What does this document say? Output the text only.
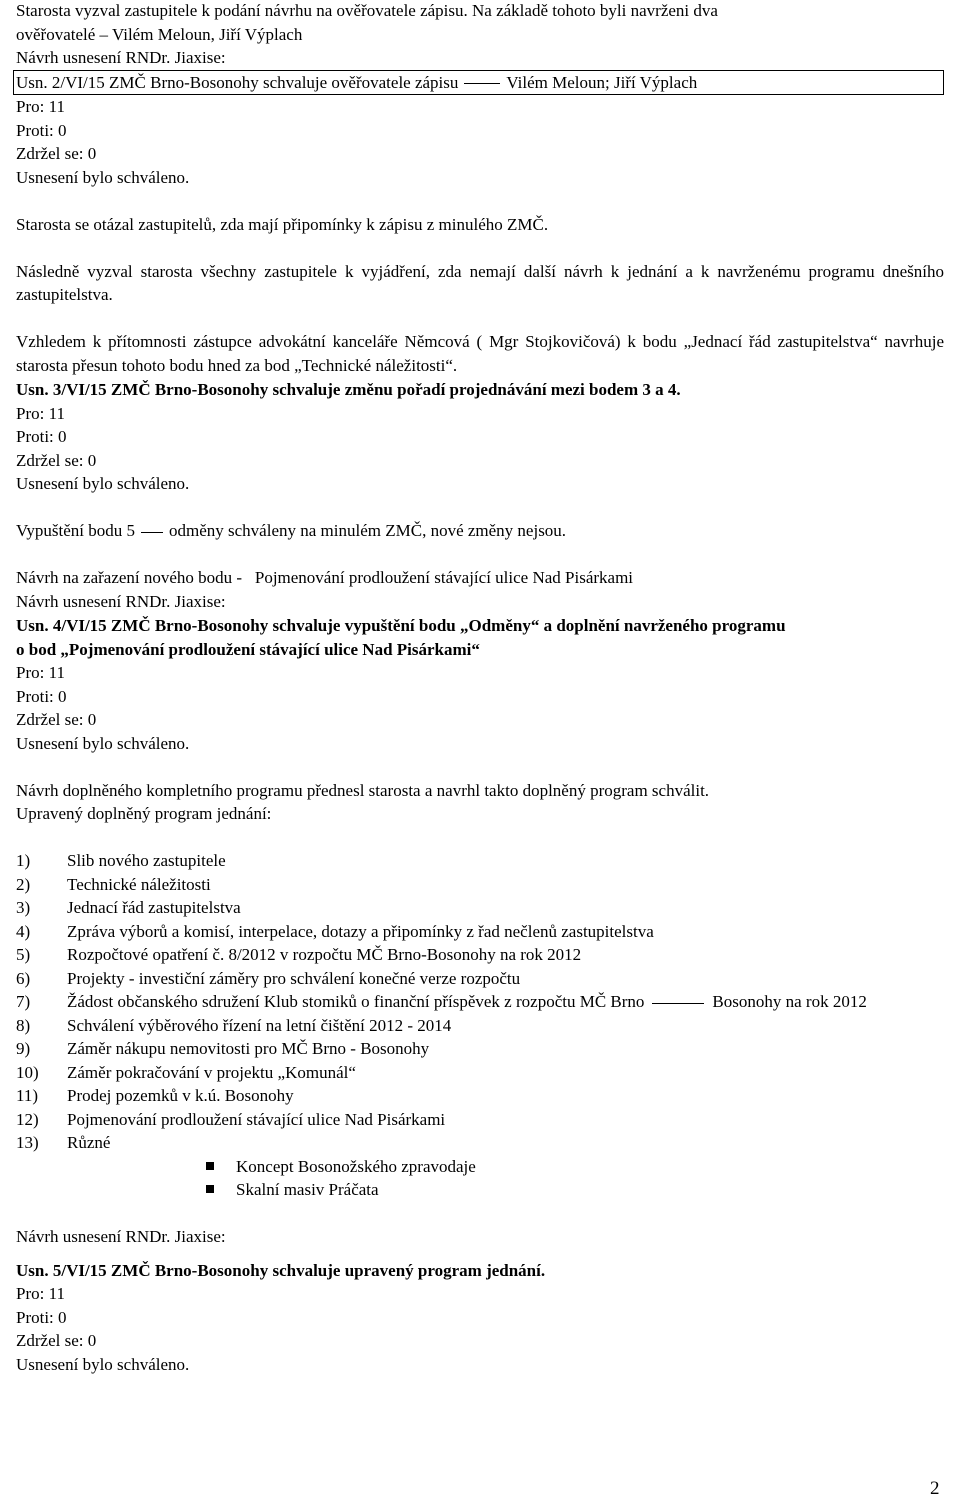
Starosta vyzval zastupitele k podání návrhu na ověřovatele zápisu. Na základě tohoto byli navrženi dva

ověřovatelé – Vilém Meloun, Jiří Výplach

Návrh usnesení RNDr. Jiaxise:

Usn. 2/VI/15 ZMČ Brno-Bosonohy schvaluje ověřovatele zápisu	Vilém Meloun; Jiří Výplach

Pro: 11

Proti: 0

Zdržel se: 0

Usnesení bylo schváleno.

Starosta se otázal zastupitelů, zda mají připomínky k zápisu z minulého ZMČ.

Následně vyzval starosta všechny zastupitele k vyjádření, zda nemají další návrh k jednání a k navrženému programu dnešního zastupitelstva.

Vzhledem k přítomnosti zástupce advokátní kanceláře Němcová ( Mgr Stojkovičová) k bodu „Jednací řád zastupitelstva“ navrhuje starosta přesun tohoto bodu hned za bod „Technické náležitosti“.

Usn. 3/VI/15 ZMČ Brno-Bosonohy schvaluje změnu pořadí projednávání mezi bodem 3 a 4.

Pro: 11

Proti: 0

Zdržel se: 0

Usnesení bylo schváleno.

Vypuštění bodu 5 odměny schváleny na minulém ZMČ, nové změny nejsou.

Návrh na zařazení nového bodu - Pojmenování prodloužení stávající ulice Nad Pisárkami

Návrh usnesení RNDr. Jiaxise:

Usn. 4/VI/15 ZMČ Brno-Bosonohy schvaluje vypuštění bodu „Odměny“ a doplnění navrženého programu

o bod „Pojmenování prodloužení stávající ulice Nad Pisárkami“

Pro: 11

Proti: 0

Zdržel se: 0

Usnesení bylo schváleno.

Návrh doplněného kompletního programu přednesl starosta a navrhl takto doplněný program schválit.

Upravený doplněný program jednání:

1) Slib nového zastupitele
2) Technické náležitosti
3) Jednací řád zastupitelstva
4) Zpráva výborů a komisí, interpelace, dotazy a připomínky z řad nečlenů zastupitelstva
5) Rozpočtové opatření č. 8/2012 v rozpočtu MČ Brno-Bosonohy na rok 2012
6) Projekty - investiční záměry pro schválení konečné verze rozpočtu
7) Žádost občanského sdružení Klub stomiků o finanční příspěvek z rozpočtu MČ Brno	Bosonohy na rok 2012
8) Schválení výběrového řízení na letní čištění 2012 - 2014
9) Záměr nákupu nemovitosti pro MČ Brno - Bosonohy
10) Záměr pokračování v projektu „Komunál“
11) Prodej pozemků v k.ú. Bosonohy
12) Pojmenování prodloužení stávající ulice Nad Pisárkami
13) Různé
Koncept Bosonožského zpravodaje
Skalní masiv Práčata

Návrh usnesení RNDr. Jiaxise:

Usn. 5/VI/15 ZMČ Brno-Bosonohy schvaluje upravený program jednání.

Pro: 11

Proti: 0

Zdržel se: 0

Usnesení bylo schváleno.

2
